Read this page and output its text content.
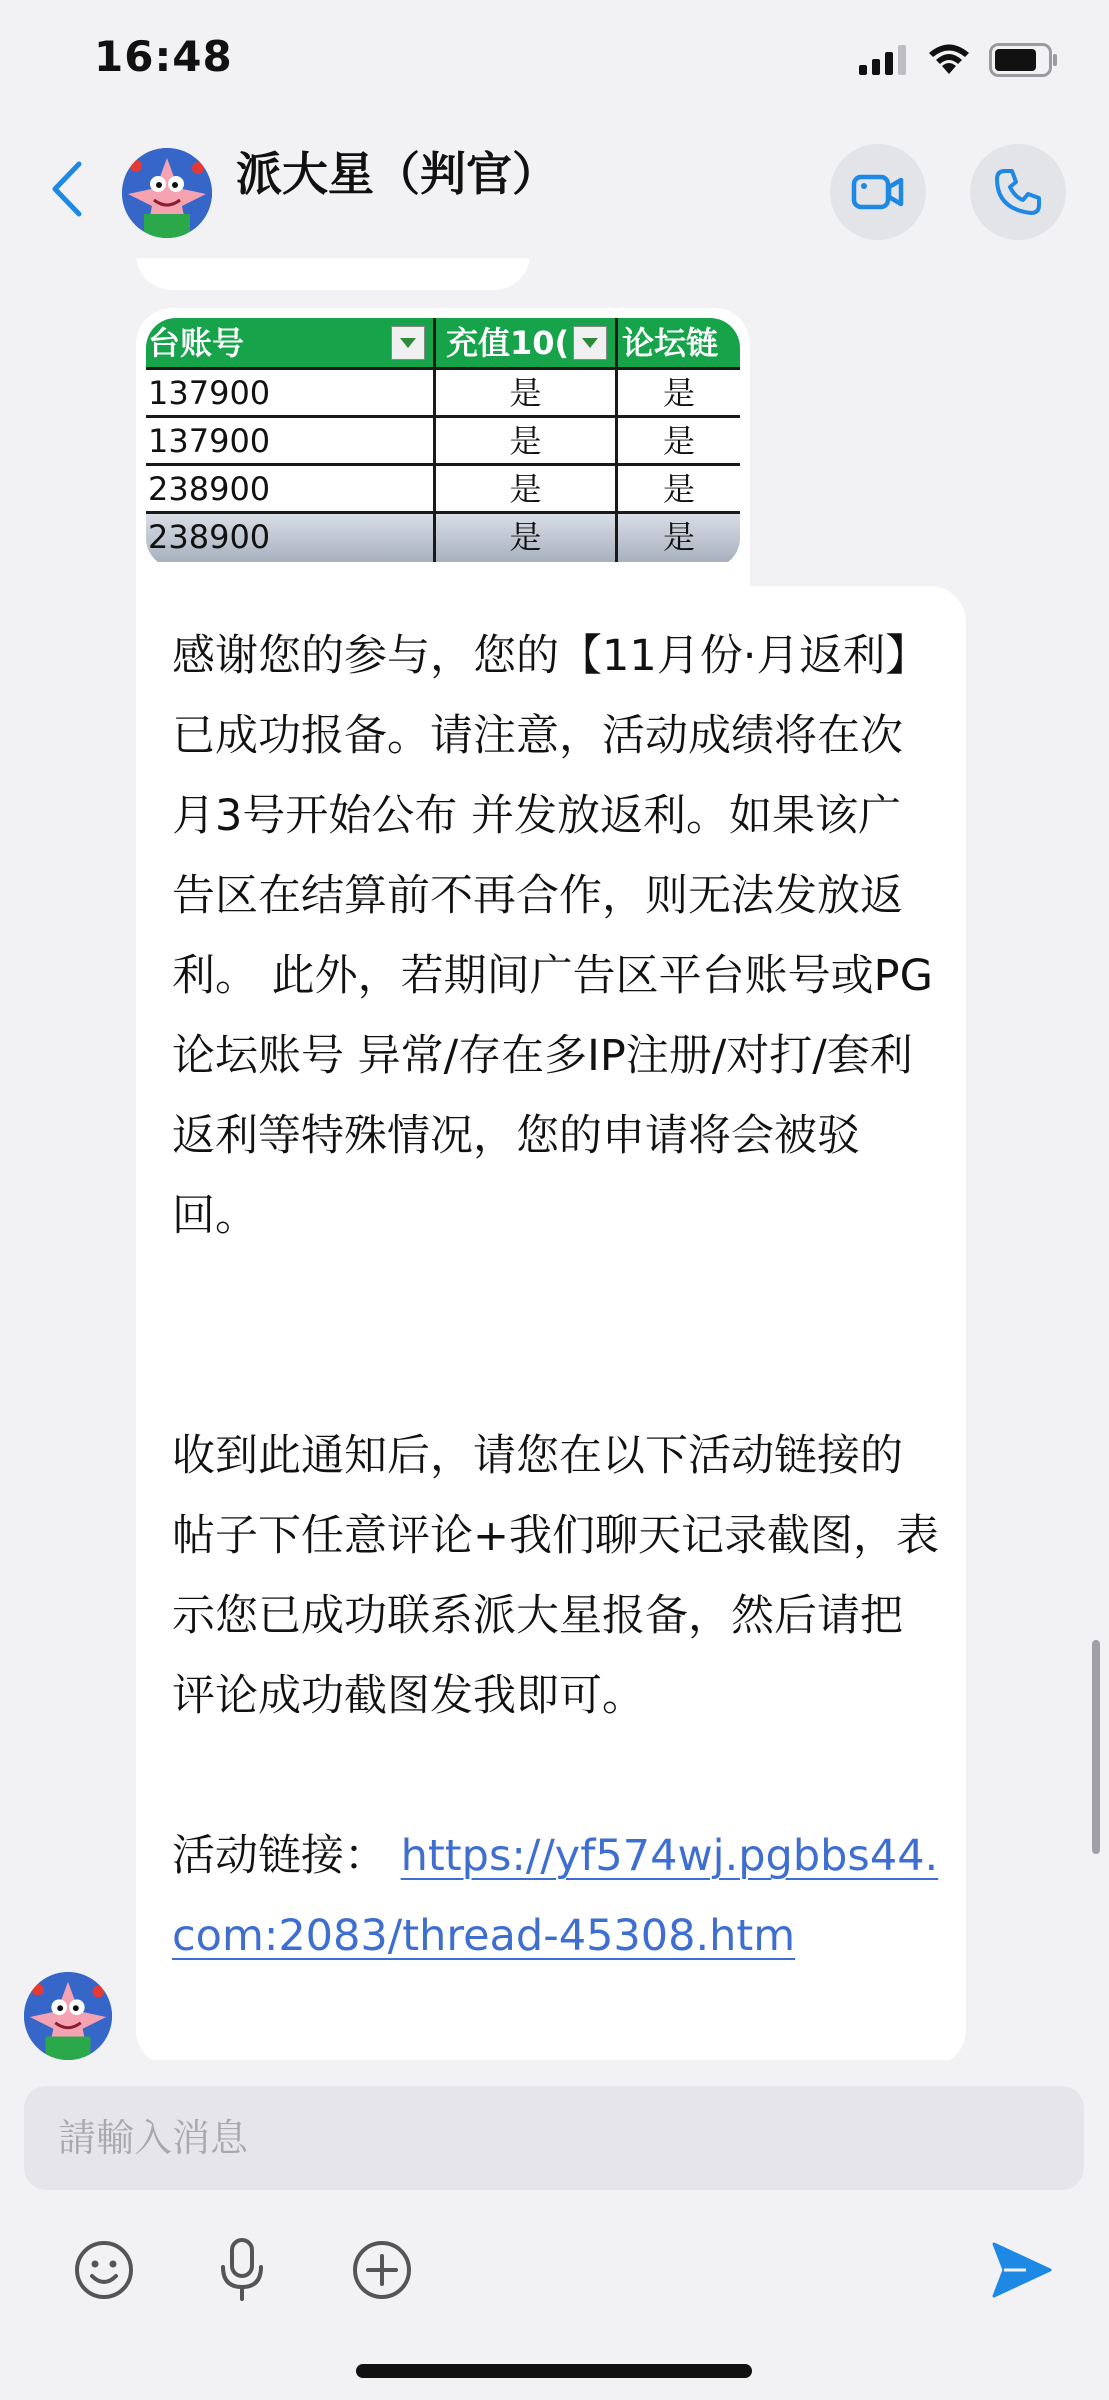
16:48
派大星（判官）
台账号	充值10(	论坛链
137900	是	是
137900	是	是
238900	是	是
238900	是	是

感谢您的参与，您的【11月份·月返利】已成功报备。请注意，活动成绩将在次月3号开始公布 并发放返利。如果该广告区在结算前不再合作，则无法发放返利。 此外，若期间广告区平台账号或PG论坛账号 异常/存在多IP注册/对打/套利返利等特殊情况，您的申请将会被驳回。

收到此通知后，请您在以下活动链接的帖子下任意评论+我们聊天记录截图，表示您已成功联系派大星报备，然后请把评论成功截图发我即可。

活动链接： https://yf574wj.pgbbs44.com:2083/thread-45308.htm

請輸入消息
